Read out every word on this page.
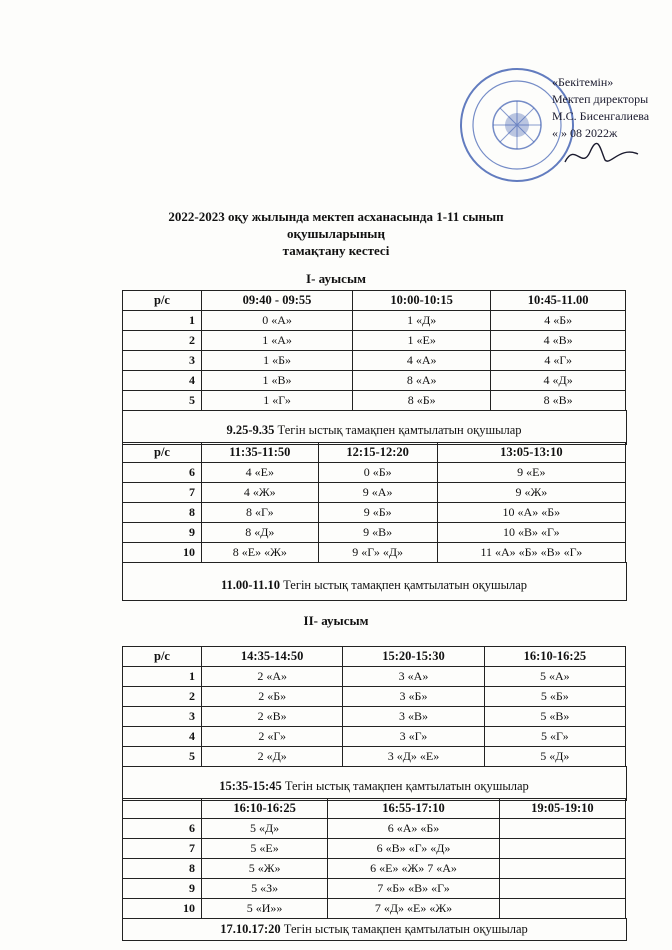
«Бекітемін»
Мектеп директоры
М.С. Бисенгалиева
« » 08 2022ж
2022-2023 оқу жылында мектеп асханасында 1-11 сынып оқушыларының
тамақтану кестесі
I- ауысым
р/с	09:40 - 09:55	10:00-10:15	10:45-11.00
1	0 «А»	1 «Д»	4 «Б»
2	1 «А»	1 «Е»	4 «В»
3	1 «Б»	4 «А»	4 «Г»
4	1 «В»	8 «А»	4 «Д»
5	1 «Г»	8 «Б»	8 «В»
9.25-9.35 Тегін ыстық тамақпен қамтылатын оқушылар
р/с	11:35-11:50	12:15-12:20	13:05-13:10
6	4 «Е»	0 «Б»	9 «Е»
7	4 «Ж»	9 «А»	9 «Ж»
8	8 «Г»	9 «Б»	10 «А» «Б»
9	8 «Д»	9 «В»	10 «В» «Г»
10	8 «Е» «Ж»	9 «Г» «Д»	11 «А» «Б» «В» «Г»
11.00-11.10 Тегін ыстық тамақпен қамтылатын оқушылар
II- ауысым
р/с	14:35-14:50	15:20-15:30	16:10-16:25
1	2 «А»	3 «А»	5 «А»
2	2 «Б»	3 «Б»	5 «Б»
3	2 «В»	3 «В»	5 «В»
4	2 «Г»	3 «Г»	5 «Г»
5	2 «Д»	3 «Д» «Е»	5 «Д»
15:35-15:45 Тегін ыстық тамақпен қамтылатын оқушылар
	16:10-16:25	16:55-17:10	19:05-19:10
6	5 «Д»	6 «А» «Б»	
7	5 «Е»	6 «В» «Г» «Д»	
8	5 «Ж»	6 «Е» «Ж» 7 «А»	
9	5 «З»	7 «Б» «В» «Г»	
10	5 «И»»	7 «Д» «Е» «Ж»	
17.10.17:20 Тегін ыстық тамақпен қамтылатын оқушылар
